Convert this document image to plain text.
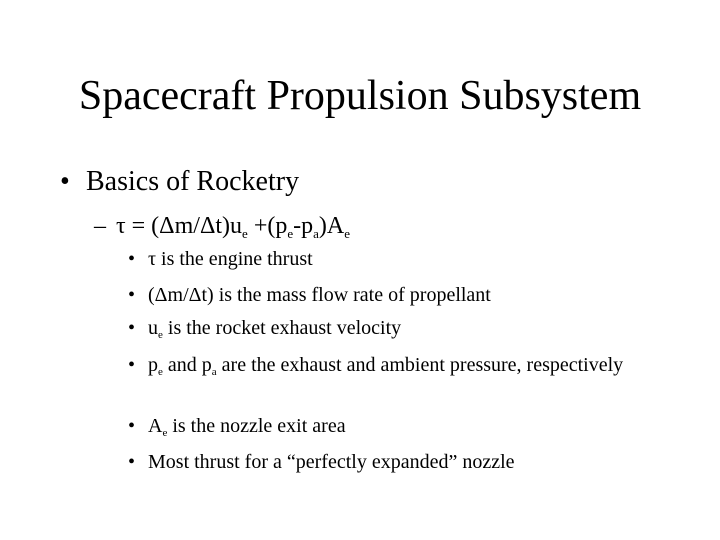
Spacecraft Propulsion Subsystem
• Basics of Rocketry
– $\tau = (\Delta m/\Delta t)u_e +(p_e-p_a)A_e$
• τ is the engine thrust
• (Δm/Δt) is the mass flow rate of propellant
• $u_e$ is the rocket exhaust velocity
• $p_e$ and $p_a$ are the exhaust and ambient pressure, respectively
• $A_e$ is the nozzle exit area
• Most thrust for a “perfectly expanded” nozzle
